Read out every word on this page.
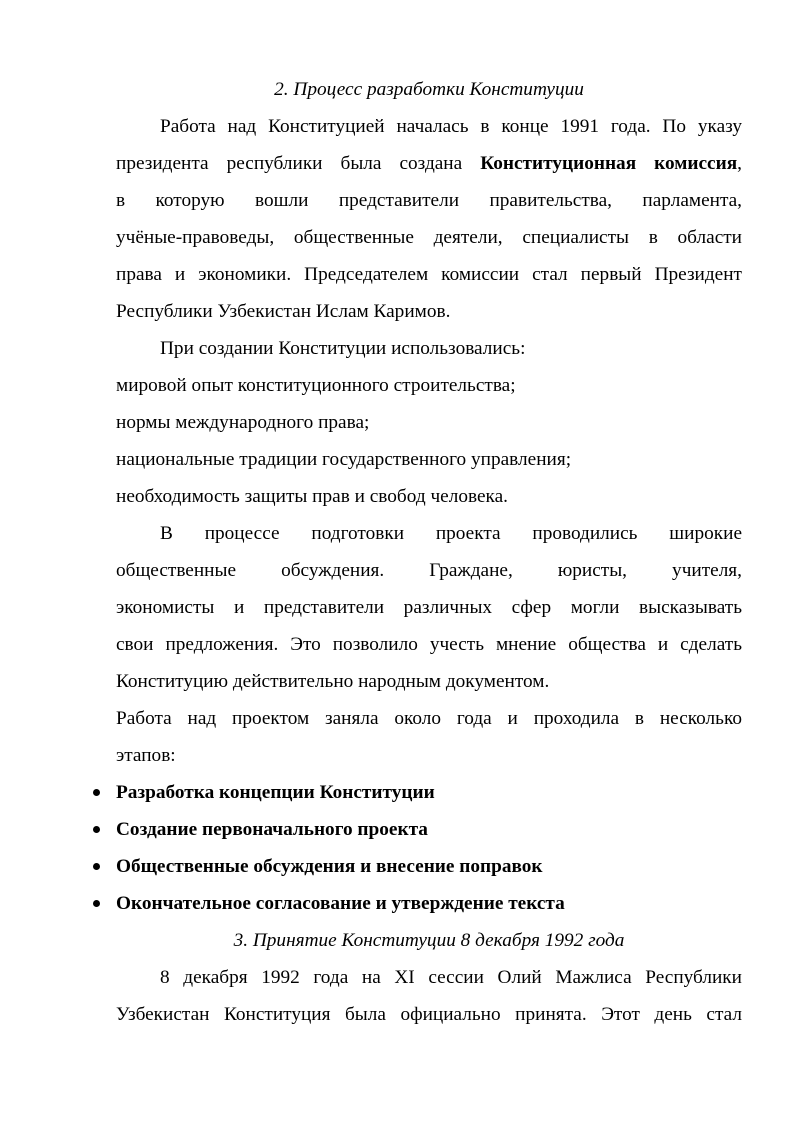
2. Процесс разработки Конституции
Работа над Конституцией началась в конце 1991 года. По указу
президента республики была создана Конституционная комиссия,
в которую вошли представители правительства, парламента,
учёные-правоведы, общественные деятели, специалисты в области
права и экономики. Председателем комиссии стал первый Президент
Республики Узбекистан Ислам Каримов.
При создании Конституции использовались:
мировой опыт конституционного строительства;
нормы международного права;
национальные традиции государственного управления;
необходимость защиты прав и свобод человека.
В процессе подготовки проекта проводились широкие
общественные обсуждения. Граждане, юристы, учителя,
экономисты и представители различных сфер могли высказывать
свои предложения. Это позволило учесть мнение общества и сделать
Конституцию действительно народным документом.
Работа над проектом заняла около года и проходила в несколько
этапов:
Разработка концепции Конституции
Создание первоначального проекта
Общественные обсуждения и внесение поправок
Окончательное согласование и утверждение текста
3. Принятие Конституции 8 декабря 1992 года
8 декабря 1992 года на XI сессии Олий Мажлиса Республики
Узбекистан Конституция была официально принята. Этот день стал
